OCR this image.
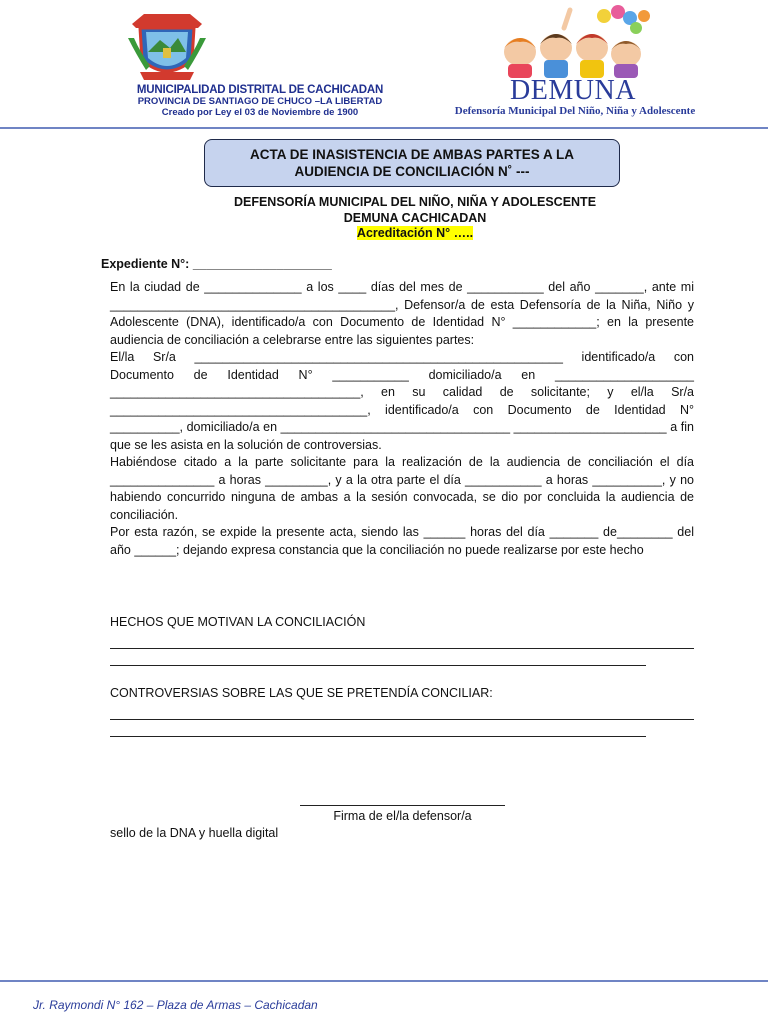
MUNICIPALIDAD DISTRITAL DE CACHICADAN
PROVINCIA DE SANTIAGO DE CHUCO –LA LIBERTAD
Creado por Ley el 03 de Noviembre de 1900
DEMUNA
Defensoría Municipal Del Niño, Niña y Adolescente
ACTA DE INASISTENCIA DE AMBAS PARTES A LA
AUDIENCIA DE CONCILIACIÓN N˚ ---
DEFENSORÍA MUNICIPAL DEL NIÑO, NIÑA Y ADOLESCENTE
DEMUNA CACHICADAN
Acreditación N° …..
Expediente N°: ____________________

En la ciudad de ______________ a los ____ días del mes de ___________ del año _______, ante mi _________________________________________, Defensor/a de esta Defensoría de la Niña, Niño y Adolescente (DNA), identificado/a con Documento de Identidad N° ____________; en la presente audiencia de conciliación a celebrarse entre las siguientes partes:

El/la Sr/a _____________________________________________________ identificado/a con Documento de Identidad N° ___________ domiciliado/a en ____________________ ____________________________________, en su calidad de solicitante; y el/la Sr/a _____________________________________, identificado/a con Documento de Identidad N° __________, domiciliado/a en _________________________________ ______________________ a fin que se les asista en la solución de controversias.

Habiéndose citado a la parte solicitante para la realización de la audiencia de conciliación el día _______________ a horas _________, y a la otra parte el día ___________ a horas __________, y no habiendo concurrido ninguna de ambas a la sesión convocada, se dio por concluida la audiencia de conciliación.

Por esta razón, se expide la presente acta, siendo las ______ horas del día _______ de________ del año ______; dejando expresa constancia que la conciliación no puede realizarse por este hecho

HECHOS QUE MOTIVAN LA CONCILIACIÓN
CONTROVERSIAS SOBRE LAS QUE SE PRETENDÍA CONCILIAR:
Firma de el/la defensor/a
sello de la DNA y huella digital
Jr. Raymondi N° 162 – Plaza de Armas – Cachicadan
